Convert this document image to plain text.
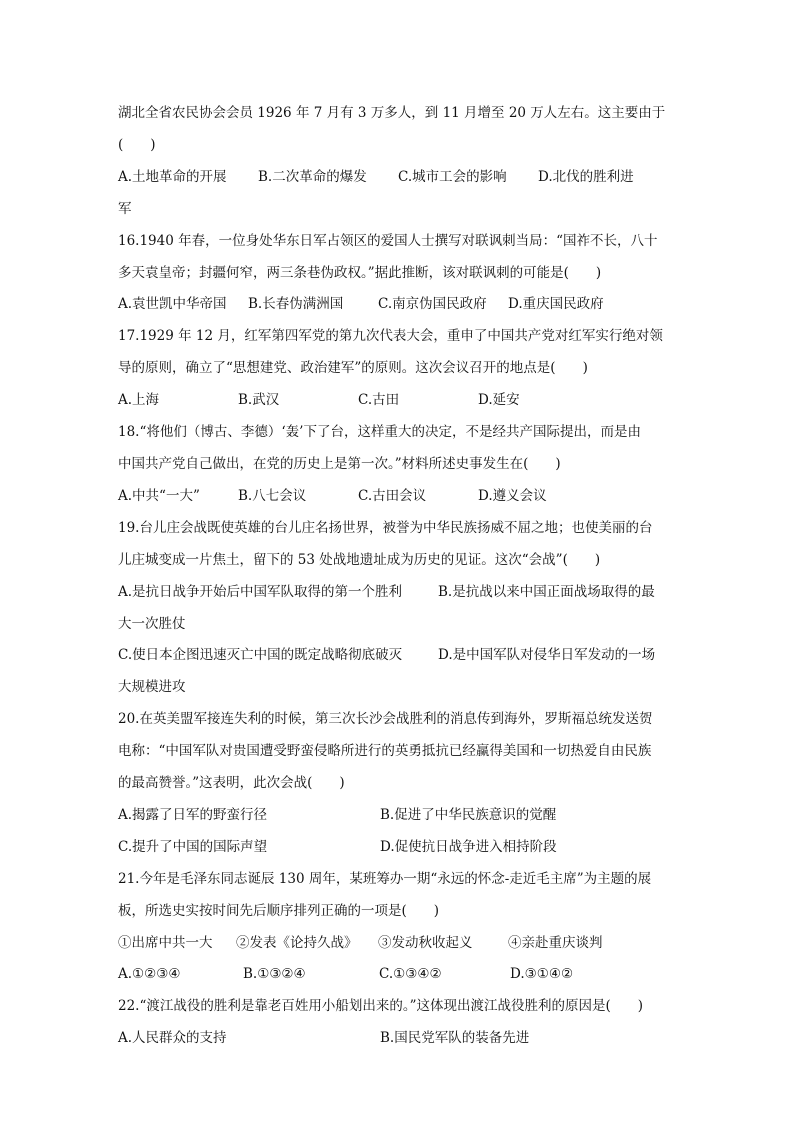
湖北全省农民协会会员 1926 年 7 月有 3 万多人，到 11 月增至 20 万人左右。这主要由于
(　　)
A.土地革命的开展	B.二次革命的爆发	C.城市工会的影响	D.北伐的胜利进
军
16.1940 年春，一位身处华东日军占领区的爱国人士撰写对联讽刺当局：“国祚不长，八十
多天袁皇帝；封疆何窄，两三条巷伪政权。”据此推断，该对联讽刺的可能是(　　)
A.袁世凯中华帝国	B.长春伪满洲国	C.南京伪国民政府	D.重庆国民政府
17.1929 年 12 月，红军第四军党的第九次代表大会，重申了中国共产党对红军实行绝对领
导的原则，确立了“思想建党、政治建军”的原则。这次会议召开的地点是(　　)
A.上海	B.武汉	C.古田	D.延安
18.“将他们（博古、李德）‘轰’下了台，这样重大的决定，不是经共产国际提出，而是由
中国共产党自己做出，在党的历史上是第一次。”材料所述史事发生在(　　)
A.中共“一大”	B.八七会议	C.古田会议	D.遵义会议
19.台儿庄会战既使英雄的台儿庄名扬世界，被誉为中华民族扬威不屈之地；也使美丽的台
儿庄城变成一片焦土，留下的 53 处战地遗址成为历史的见证。这次“会战”(　　)
A.是抗日战争开始后中国军队取得的第一个胜利	B.是抗战以来中国正面战场取得的最
大一次胜仗
C.使日本企图迅速灭亡中国的既定战略彻底破灭	D.是中国军队对侵华日军发动的一场
大规模进攻
20.在英美盟军接连失利的时候，第三次长沙会战胜利的消息传到海外，罗斯福总统发送贺
电称：“中国军队对贵国遭受野蛮侵略所进行的英勇抵抗已经赢得美国和一切热爱自由民族
的最高赞誉。”这表明，此次会战(　　)
A.揭露了日军的野蛮行径	B.促进了中华民族意识的觉醒
C.提升了中国的国际声望	D.促使抗日战争进入相持阶段
21.今年是毛泽东同志诞辰 130 周年，某班筹办一期“永远的怀念-走近毛主席”为主题的展
板，所选史实按时间先后顺序排列正确的一项是(　　)
①出席中共一大	②发表《论持久战》	③发动秋收起义	④亲赴重庆谈判
A.①②③④	B.①③②④	C.①③④②	D.③①④②
22.“渡江战役的胜利是靠老百姓用小船划出来的。”这体现出渡江战役胜利的原因是(　　)
A.人民群众的支持	B.国民党军队的装备先进
